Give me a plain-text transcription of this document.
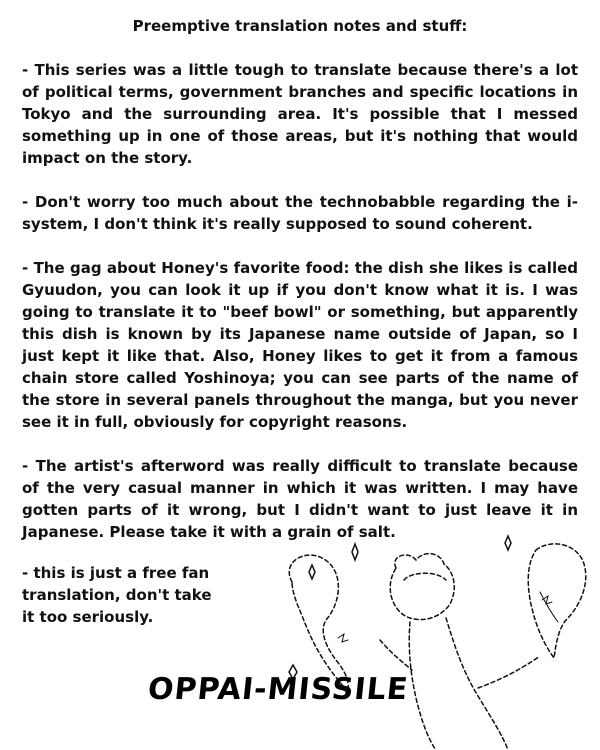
Preemptive translation notes and stuff:

- This series was a little tough to translate because there's a lot of political terms, government branches and specific locations in Tokyo and the surrounding area. It's possible that I messed something up in one of those areas, but it's nothing that would impact on the story.

- Don't worry too much about the technobabble regarding the i-system, I don't think it's really supposed to sound coherent.

- The gag about Honey's favorite food: the dish she likes is called Gyuudon, you can look it up if you don't know what it is. I was going to translate it to "beef bowl" or something, but apparently this dish is known by its Japanese name outside of Japan, so I just kept it like that. Also, Honey likes to get it from a famous chain store called Yoshinoya; you can see parts of the name of the store in several panels throughout the manga, but you never see it in full, obviously for copyright reasons.

- The artist's afterword was really difficult to translate because of the very casual manner in which it was written. I may have gotten parts of it wrong, but I didn't want to just leave it in Japanese. Please take it with a grain of salt.

- this is just a free fan translation, don't take it too seriously.

OPPAI-MISSILE
